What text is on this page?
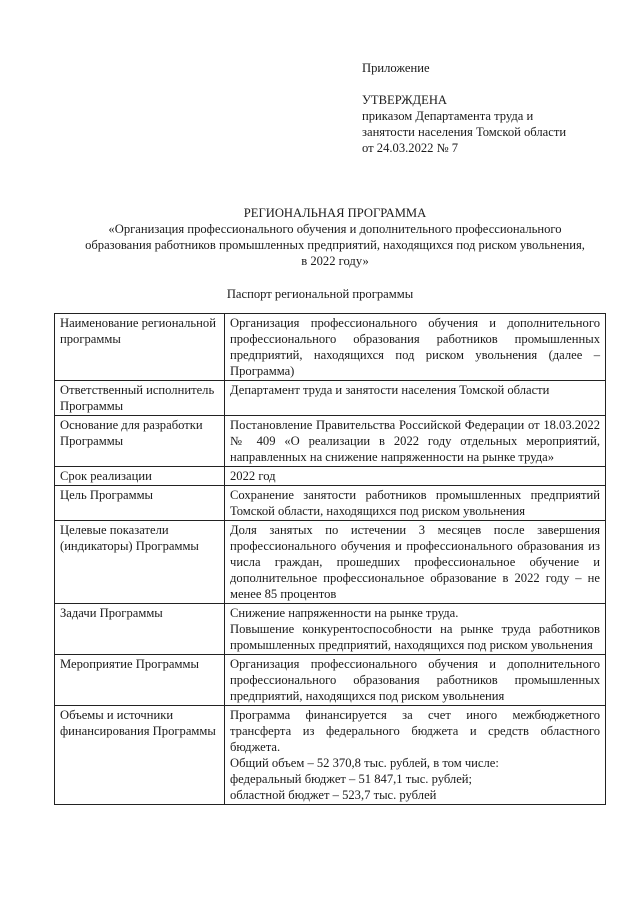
Приложение
УТВЕРЖДЕНА
приказом Департамента труда и
занятости населения Томской области
от 24.03.2022 № 7
РЕГИОНАЛЬНАЯ ПРОГРАММА
«Организация профессионального обучения и дополнительного профессионального
образования работников промышленных предприятий, находящихся под риском увольнения,
в 2022 году»
Паспорт региональной программы
Наименование региональной программы	Организация профессионального обучения и дополнительного профессионального образования работников промышленных предприятий, находящихся под риском увольнения (далее – Программа)

Ответственный исполнитель Программы	Департамент труда и занятости населения Томской области

Основание для разработки Программы	Постановление Правительства Российской Федерации от 18.03.2022 № 409 «О реализации в 2022 году отдельных мероприятий, направленных на снижение напряженности на рынке труда»

Срок реализации	2022 год

Цель Программы	Сохранение занятости работников промышленных предприятий Томской области, находящихся под риском увольнения

Целевые показатели (индикаторы) Программы	Доля занятых по истечении 3 месяцев после завершения профессионального обучения и профессионального образования из числа граждан, прошедших профессиональное обучение и дополнительное профессиональное образование в 2022 году – не менее 85 процентов

Задачи Программы	Снижение напряженности на рынке труда.

Повышение конкурентоспособности на рынке труда работников промышленных предприятий, находящихся под риском увольнения

Мероприятие Программы	Организация профессионального обучения и дополнительного профессионального образования работников промышленных предприятий, находящихся под риском увольнения

Объемы и источники финансирования Программы	Программа финансируется за счет иного межбюджетного трансферта из федерального бюджета и средств областного бюджета.

Общий объем – 52 370,8 тыс. рублей, в том числе:

федеральный бюджет – 51 847,1 тыс. рублей;

областной бюджет – 523,7 тыс. рублей
